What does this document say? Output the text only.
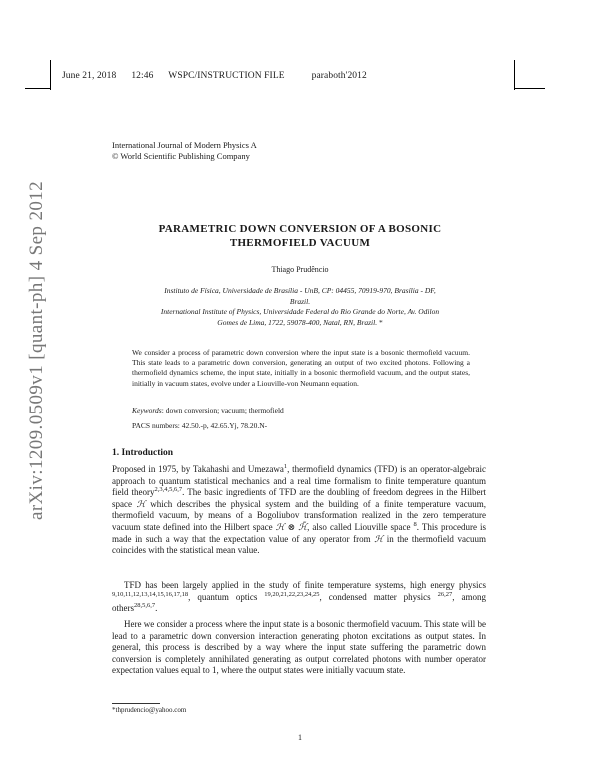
June 21, 2018 12:46 WSPC/INSTRUCTION FILE	paraboth'2012
International Journal of Modern Physics A
© World Scientific Publishing Company
PARAMETRIC DOWN CONVERSION OF A BOSONIC
THERMOFIELD VACUUM
Thiago Prudêncio
Instituto de Física, Universidade de Brasília - UnB, CP: 04455, 70919-970, Brasília - DF,
Brazil.
International Institute of Physics, Universidade Federal do Rio Grande do Norte, Av. Odilon
Gomes de Lima, 1722, 59078-400, Natal, RN, Brazil. *
We consider a process of parametric down conversion where the input state is a bosonic thermofield vacuum. This state leads to a parametric down conversion, generating an output of two excited photons. Following a thermofield dynamics scheme, the input state, initially in a bosonic thermofield vacuum, and the output states, initially in vacuum states, evolve under a Liouville-von Neumann equation.
Keywords: down conversion; vacuum; thermofield
PACS numbers: 42.50.-p, 42.65.Yj, 78.20.N-
1. Introduction
Proposed in 1975, by Takahashi and Umezawa$^1$, thermofield dynamics (TFD) is an operator-algebraic approach to quantum statistical mechanics and a real time formalism to finite temperature quantum field theory$^{2,3,4,5,6,7}$. The basic ingredients of TFD are the doubling of freedom degrees in the Hilbert space ℋ which describes the physical system and the building of a finite temperature vacuum, thermofield vacuum, by means of a Bogoliubov transformation realized in the zero temperature vacuum state defined into the Hilbert space ℋ ⊗ ℋ̃, also called Liouville space $^8$. This procedure is made in such a way that the expectation value of any operator from ℋ in the thermofield vacuum coincides with the statistical mean value.
TFD has been largely applied in the study of finite temperature systems, high energy physics $^{9,10,11,12,13,14,15,16,17,18}$, quantum optics $^{19,20,21,22,23,24,25}$, condensed matter physics $^{26,27}$, among others$^{28,5,6,7}$.
Here we consider a process where the input state is a bosonic thermofield vacuum. This state will be lead to a parametric down conversion interaction generating photon excitations as output states. In general, this process is described by a way where the input state suffering the parametric down conversion is completely annihilated generating as output correlated photons with number operator expectation values equal to 1, where the output states were initially vacuum state.
*thprudencio@yahoo.com
1
arXiv:1209.0509v1 [quant-ph] 4 Sep 2012
